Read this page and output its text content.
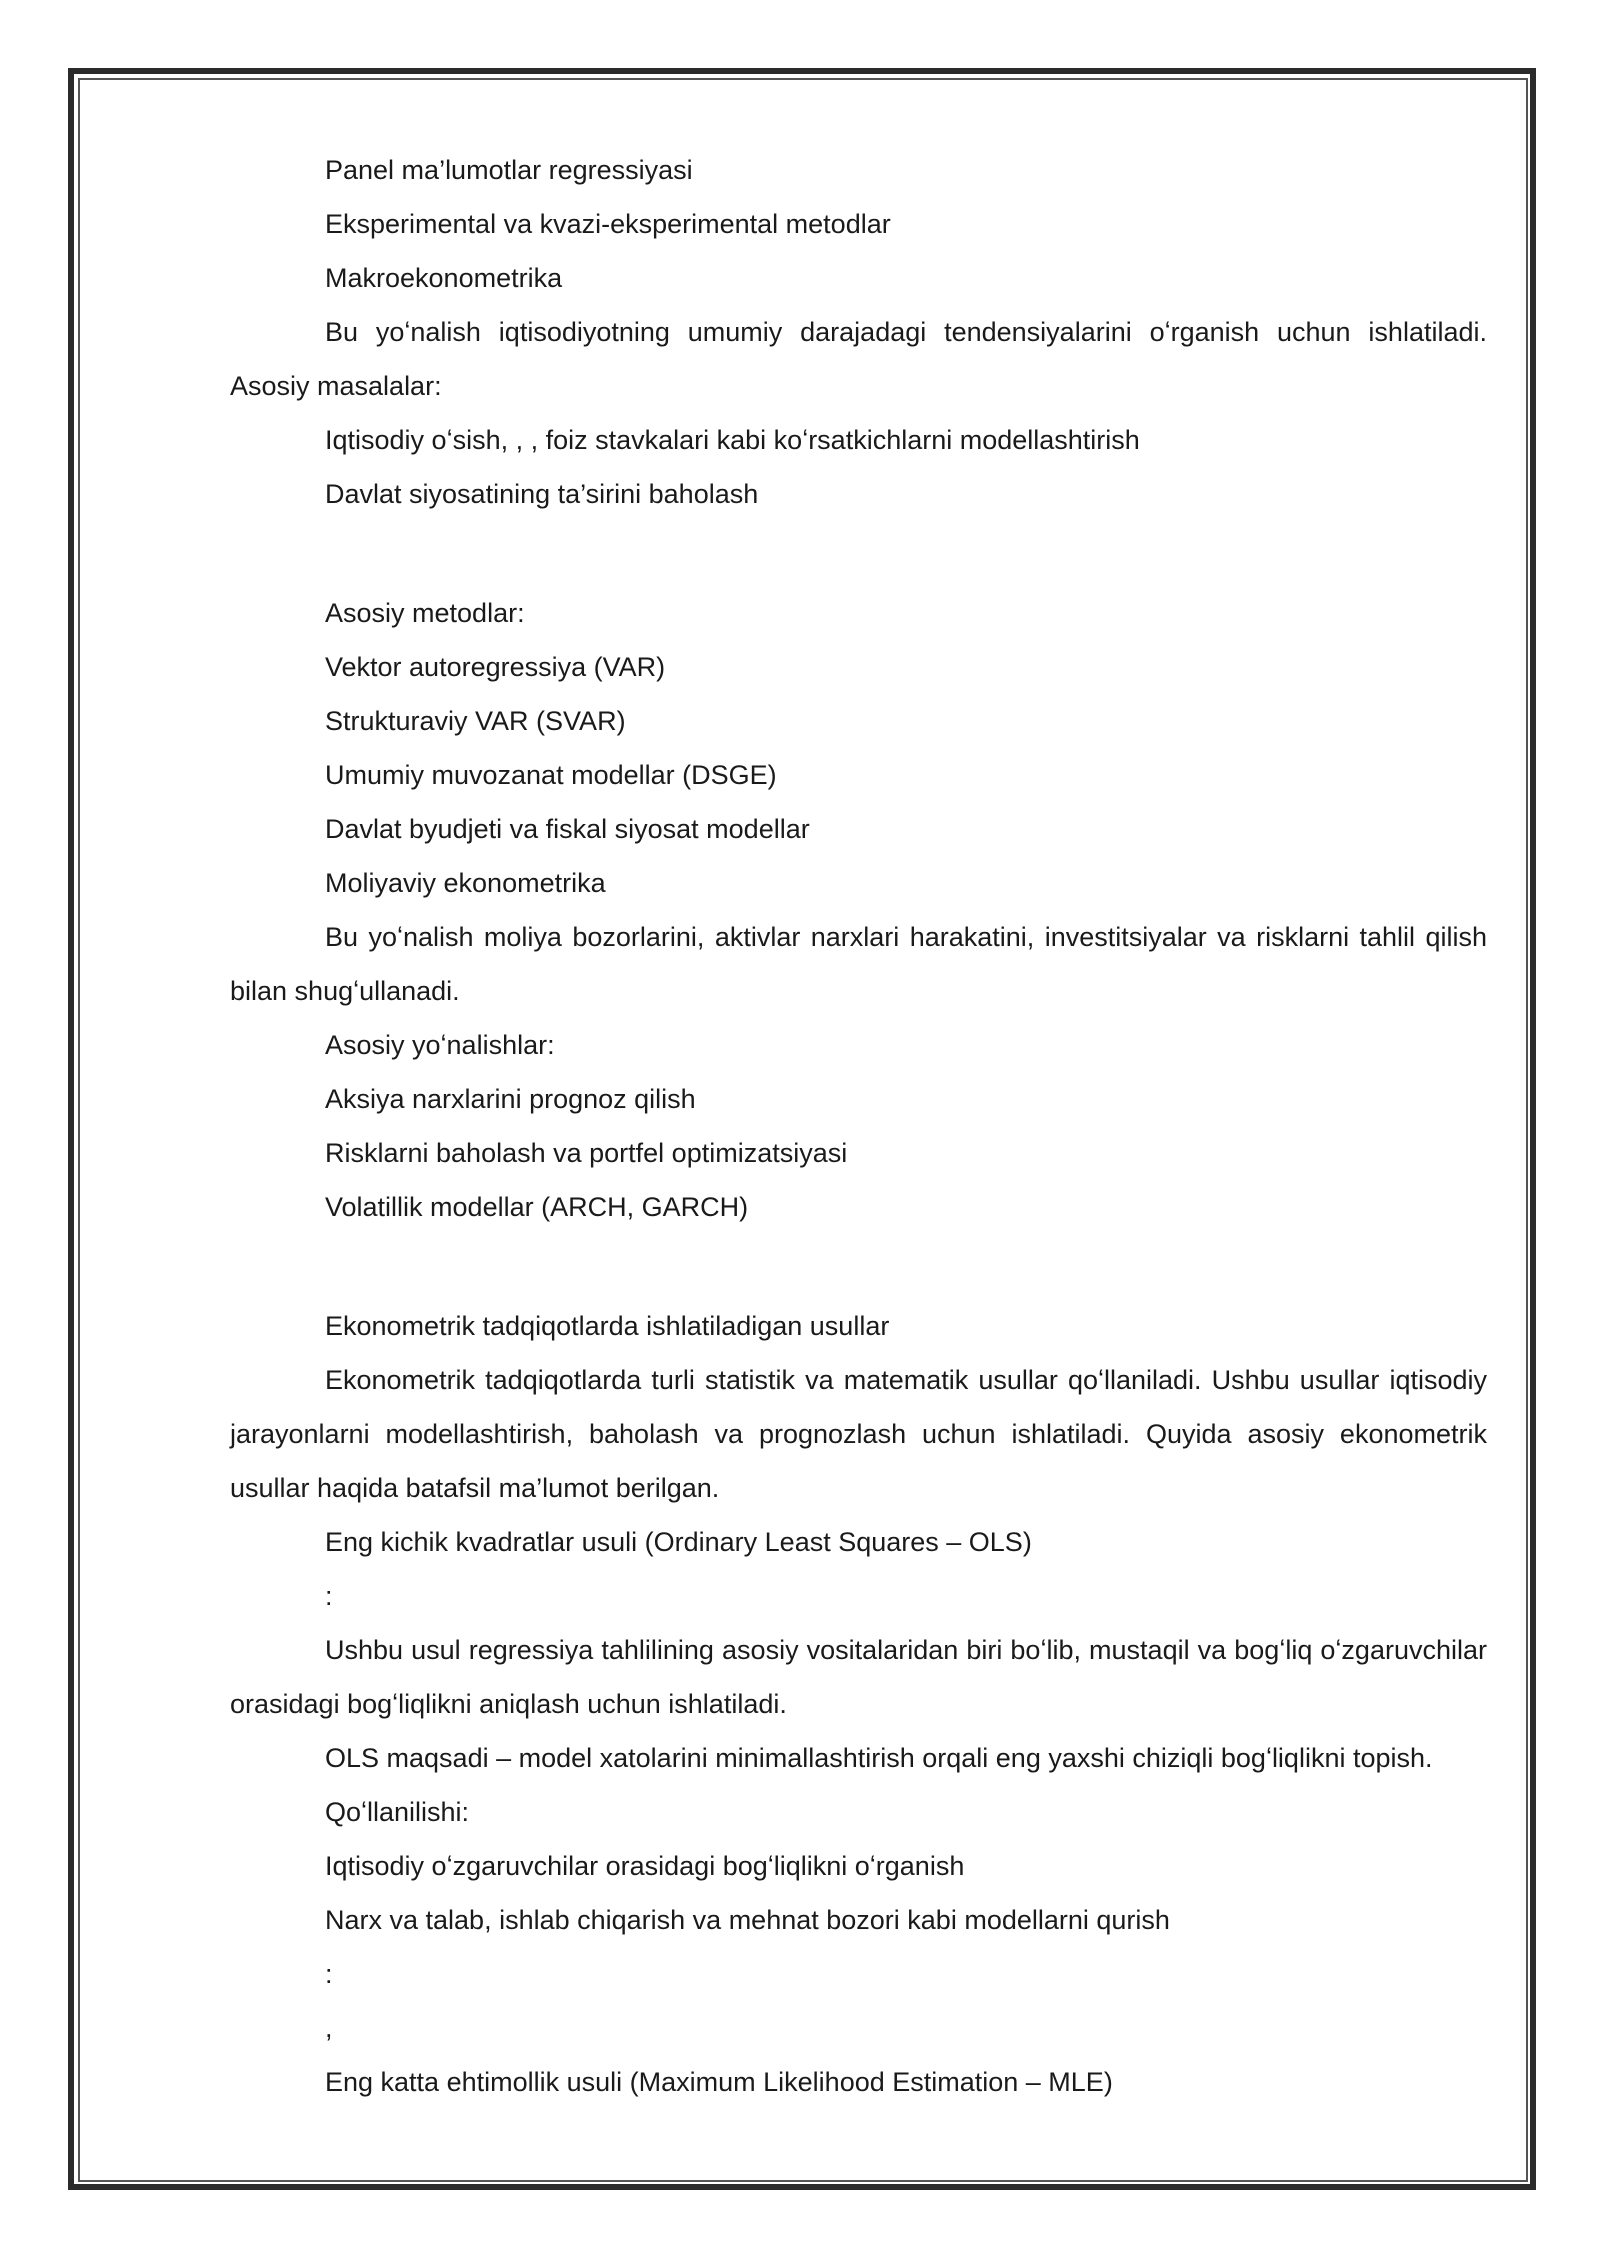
Panel ma’lumotlar regressiyasi

Eksperimental va kvazi-eksperimental metodlar

Makroekonometrika

Bu yoʻnalish iqtisodiyotning umumiy darajadagi tendensiyalarini oʻrganish uchun ishlatiladi. Asosiy masalalar:

Iqtisodiy oʻsish, , , foiz stavkalari kabi koʻrsatkichlarni modellashtirish

Davlat siyosatining ta’sirini baholash

Asosiy metodlar:

Vektor autoregressiya (VAR)

Strukturaviy VAR (SVAR)

Umumiy muvozanat modellar (DSGE)

Davlat byudjeti va fiskal siyosat modellar

Moliyaviy ekonometrika

Bu yoʻnalish moliya bozorlarini, aktivlar narxlari harakatini, investitsiyalar va risklarni tahlil qilish bilan shugʻullanadi.

Asosiy yoʻnalishlar:

Aksiya narxlarini prognoz qilish

Risklarni baholash va portfel optimizatsiyasi

Volatillik modellar (ARCH, GARCH)

Ekonometrik tadqiqotlarda ishlatiladigan usullar

Ekonometrik tadqiqotlarda turli statistik va matematik usullar qoʻllaniladi. Ushbu usullar iqtisodiy jarayonlarni modellashtirish, baholash va prognozlash uchun ishlatiladi. Quyida asosiy ekonometrik usullar haqida batafsil ma’lumot berilgan.

Eng kichik kvadratlar usuli (Ordinary Least Squares – OLS)

:

Ushbu usul regressiya tahlilining asosiy vositalaridan biri boʻlib, mustaqil va bogʻliq oʻzgaruvchilar orasidagi bogʻliqlikni aniqlash uchun ishlatiladi.

OLS maqsadi – model xatolarini minimallashtirish orqali eng yaxshi chiziqli bogʻliqlikni topish.

Qoʻllanilishi:

Iqtisodiy oʻzgaruvchilar orasidagi bogʻliqlikni oʻrganish

Narx va talab, ishlab chiqarish va mehnat bozori kabi modellarni qurish

:

,

Eng katta ehtimollik usuli (Maximum Likelihood Estimation – MLE)
